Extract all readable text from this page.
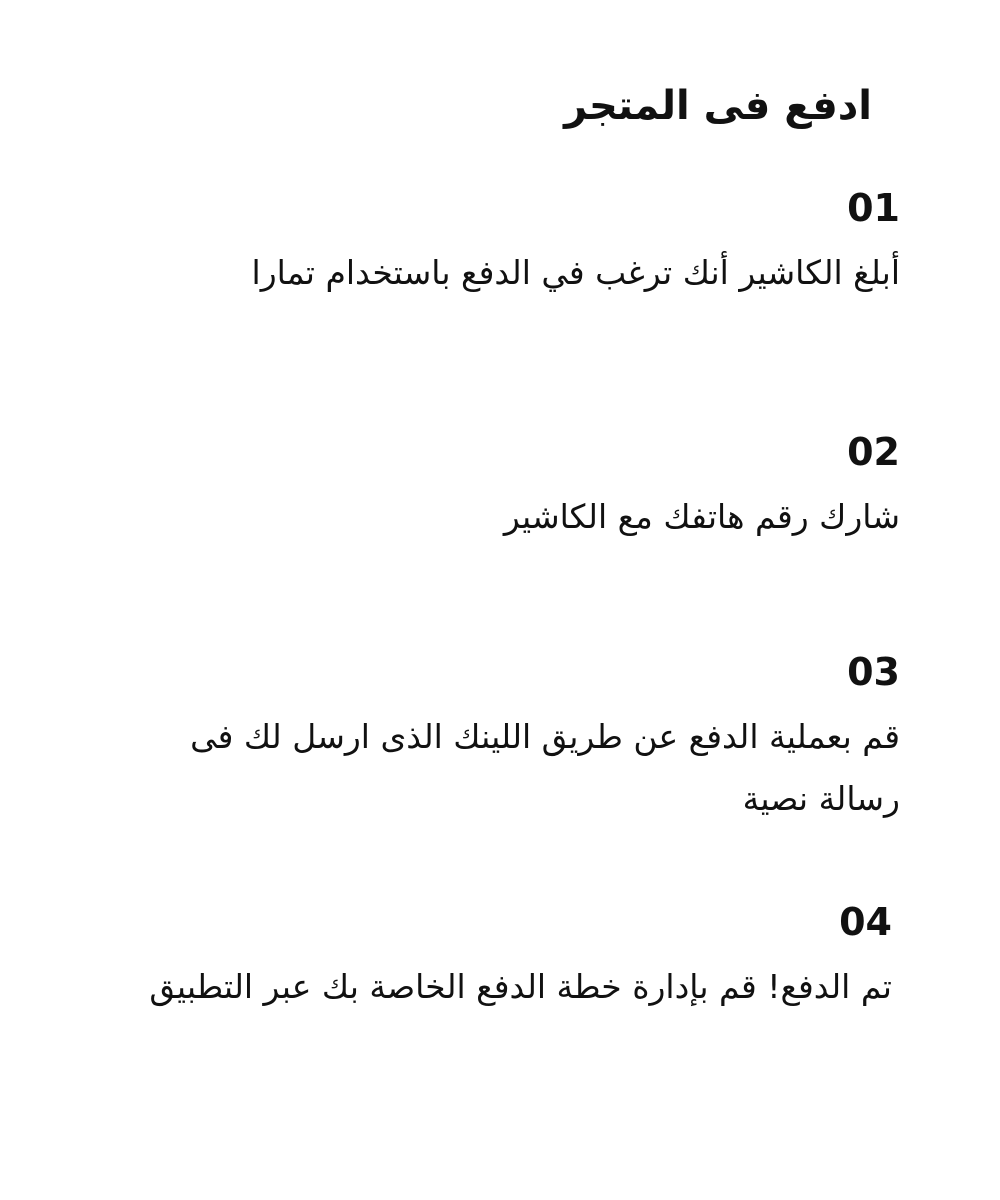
ادفع فى المتجر
01
أبلغ الكاشير أنك ترغب في الدفع باستخدام تمارا
02
شارك رقم هاتفك مع الكاشير
03
قم بعملية الدفع عن طريق اللينك الذى ارسل لك فى رسالة نصية
04
تم الدفع! قم بإدارة خطة الدفع الخاصة بك عبر التطبيق
